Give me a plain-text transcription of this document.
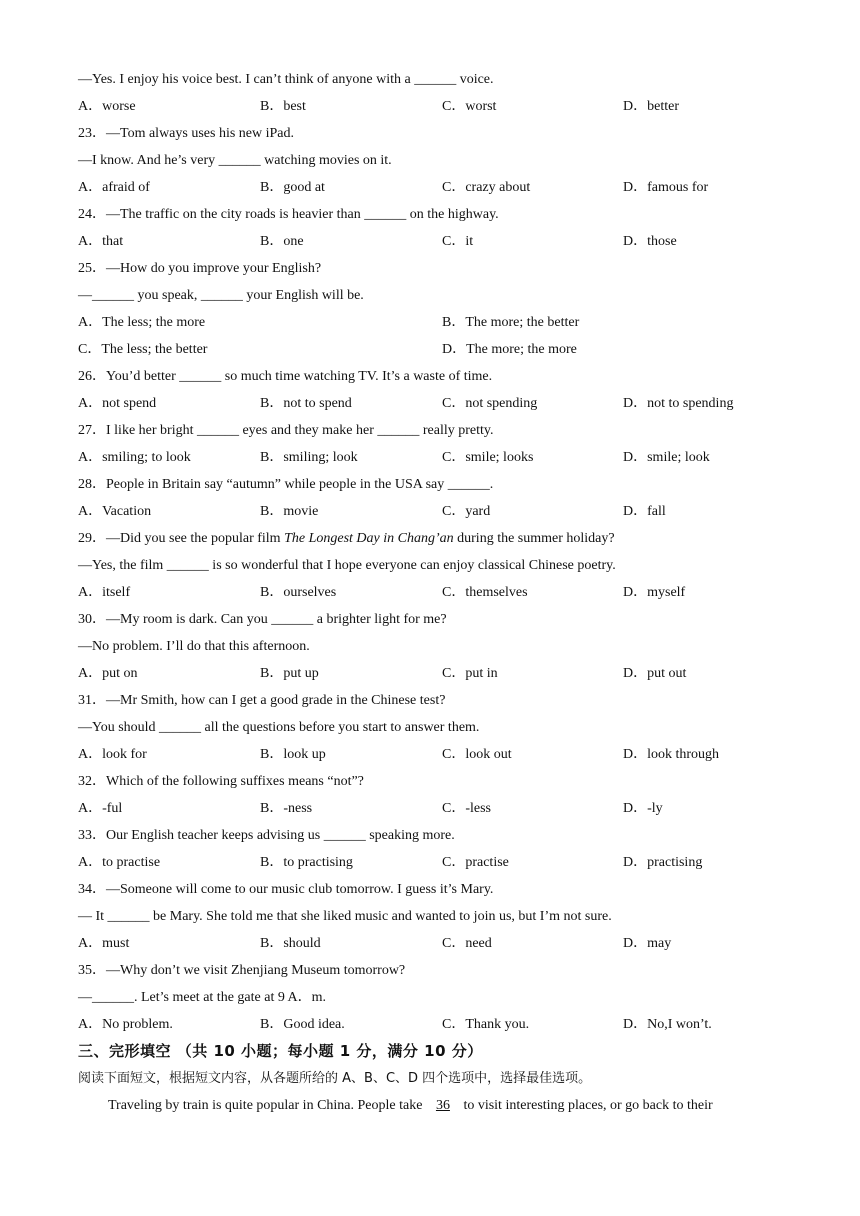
—Yes. I enjoy his voice best. I can’t think of anyone with a ______ voice.
A．worse	B．best	C．worst	D．better
23．—Tom always uses his new iPad.
—I know. And he’s very ______ watching movies on it.
A．afraid of	B．good at	C．crazy about	D．famous for
24．—The traffic on the city roads is heavier than ______ on the highway.
A．that	B．one	C．it	D．those
25．—How do you improve your English?
—______ you speak, ______ your English will be.
A．The less; the more	B．The more; the better
C．The less; the better	D．The more; the more
26．You’d better ______ so much time watching TV. It’s a waste of time.
A．not spend	B．not to spend	C．not spending	D．not to spending
27．I like her bright ______ eyes and they make her ______ really pretty.
A．smiling; to look	B．smiling; look	C．smile; looks	D．smile; look
28．People in Britain say “autumn” while people in the USA say ______.
A．Vacation	B．movie	C．yard	D．fall
29．—Did you see the popular film The Longest Day in Chang’an during the summer holiday?
—Yes, the film ______ is so wonderful that I hope everyone can enjoy classical Chinese poetry.
A．itself	B．ourselves	C．themselves	D．myself
30．—My room is dark. Can you ______ a brighter light for me?
—No problem. I’ll do that this afternoon.
A．put on	B．put up	C．put in	D．put out
31．—Mr Smith, how can I get a good grade in the Chinese test?
—You should ______ all the questions before you start to answer them.
A．look for	B．look up	C．look out	D．look through
32．Which of the following suffixes means “not”?
A．-ful	B．-ness	C．-less	D．-ly
33．Our English teacher keeps advising us ______ speaking more.
A．to practise	B．to practising	C．practise	D．practising
34．—Someone will come to our music club tomorrow. I guess it’s Mary.
— It ______ be Mary. She told me that she liked music and wanted to join us, but I’m not sure.
A．must	B．should	C．need	D．may
35．—Why don’t we visit Zhenjiang Museum tomorrow?
—______. Let’s meet at the gate at 9 A．m.
A．No problem.	B．Good idea.	C．Thank you.	D．No,I won’t.
三、完形填空 （共 10 小题；每小题 1 分，满分 10 分）
阅读下面短文，根据短文内容，从各题所给的 A、B、C、D 四个选项中，选择最佳选项。
Traveling by train is quite popular in China. People take 36 to visit interesting places, or go back to their
